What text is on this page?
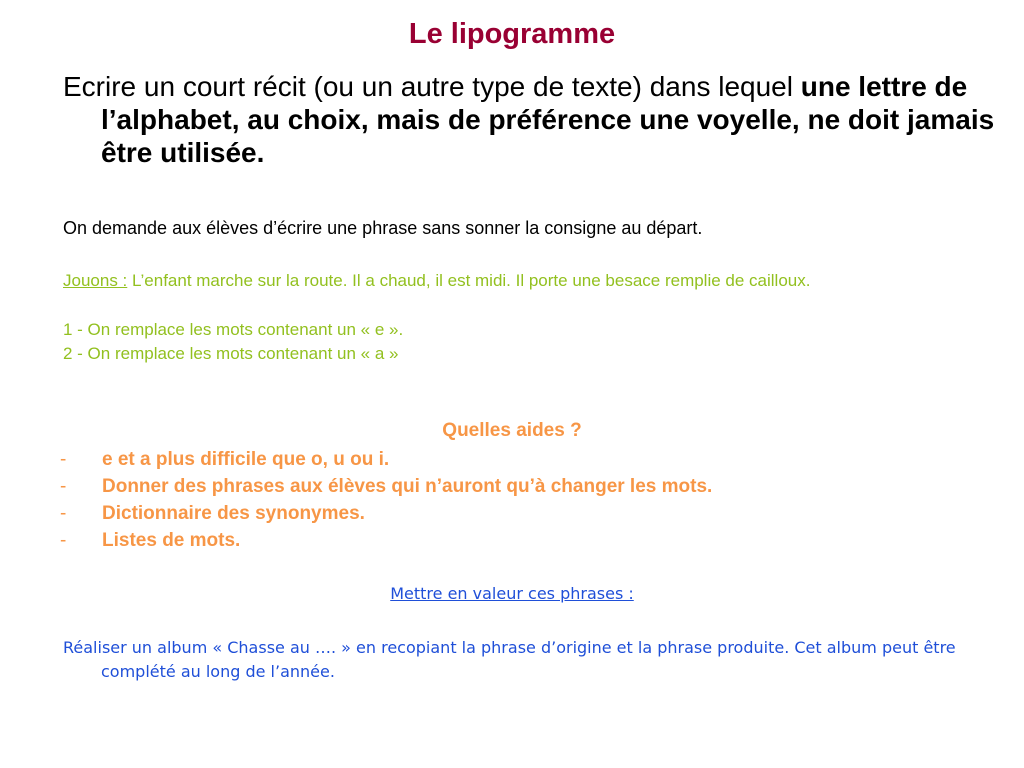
Le lipogramme

Ecrire un court récit (ou un autre type de texte) dans lequel une lettre de l’alphabet, au choix, mais de préférence une voyelle, ne doit jamais être utilisée.

On demande aux élèves d’écrire une phrase sans sonner la consigne au départ.

Jouons : L’enfant marche sur la route. Il a chaud, il est midi. Il porte une besace remplie de cailloux.

1 - On remplace les mots contenant un « e ».

2 - On remplace les mots contenant un « a »

Quelles aides ?

- e et a plus difficile que o, u ou i.
- Donner des phrases aux élèves qui n’auront qu’à changer les mots.
- Dictionnaire des synonymes.
- Listes de mots.

Mettre en valeur ces phrases :

Réaliser un album « Chasse au …. » en recopiant la phrase d’origine et la phrase produite. Cet album peut être complété au long de l’année.
